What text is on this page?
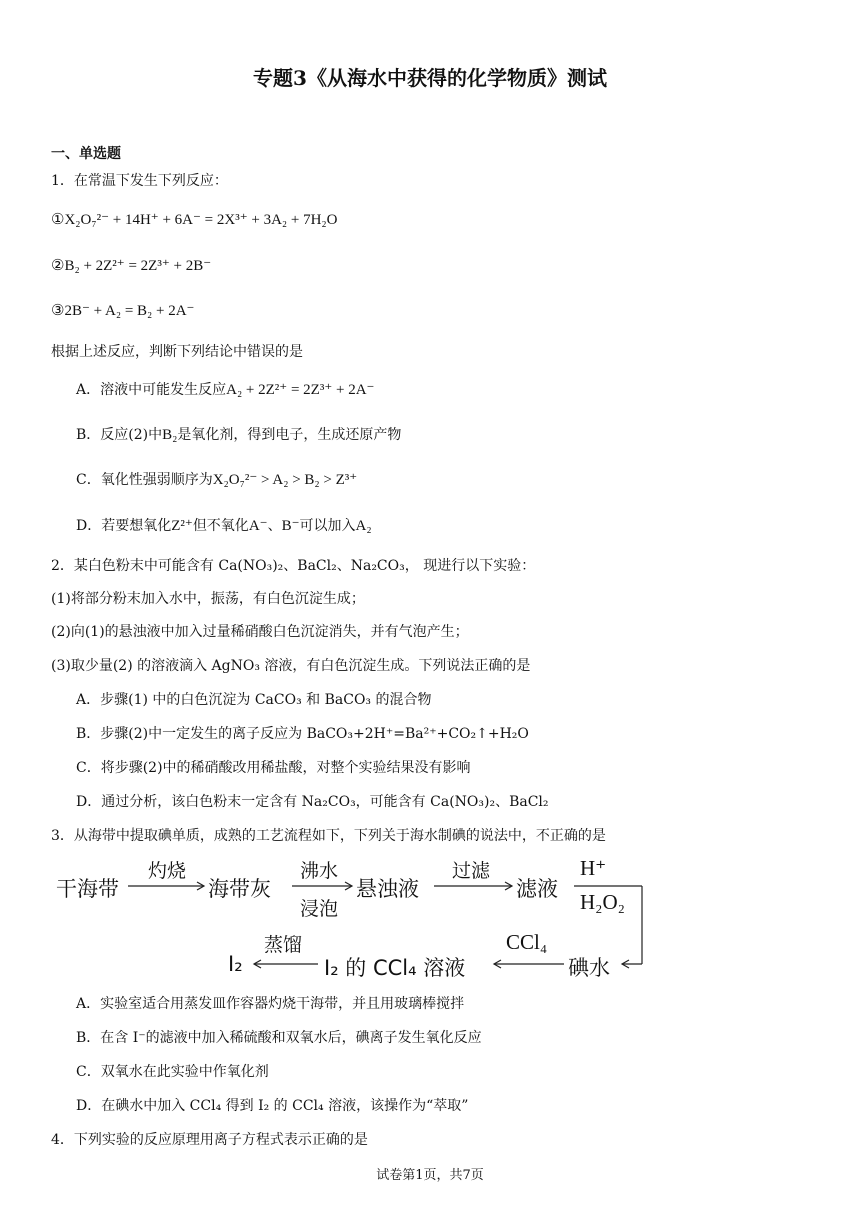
专题3《从海水中获得的化学物质》测试
一、单选题
1．在常温下发生下列反应：
①X₂O₇²⁻ + 14H⁺ + 6A⁻ = 2X³⁺ + 3A₂ + 7H₂O
②B₂ + 2Z²⁺ = 2Z³⁺ + 2B⁻
③2B⁻ + A₂ = B₂ + 2A⁻
根据上述反应，判断下列结论中错误的是
A．溶液中可能发生反应A₂ + 2Z²⁺ = 2Z³⁺ + 2A⁻
B．反应(2)中B₂是氧化剂，得到电子，生成还原产物
C．氧化性强弱顺序为X₂O₇²⁻ > A₂ > B₂ > Z³⁺
D．若要想氧化Z²⁺但不氧化A⁻、B⁻可以加入A₂
2．某白色粉末中可能含有 Ca(NO₃)₂、BaCl₂、Na₂CO₃， 现进行以下实验：
(1)将部分粉末加入水中，振荡，有白色沉淀生成；
(2)向(1)的悬浊液中加入过量稀硝酸白色沉淀消失，并有气泡产生；
(3)取少量(2) 的溶液滴入 AgNO₃ 溶液，有白色沉淀生成。下列说法正确的是
A．步骤(1) 中的白色沉淀为 CaCO₃ 和 BaCO₃ 的混合物
B．步骤(2)中一定发生的离子反应为 BaCO₃+2H⁺=Ba²⁺+CO₂↑+H₂O
C．将步骤(2)中的稀硝酸改用稀盐酸，对整个实验结果没有影响
D．通过分析，该白色粉末一定含有 Na₂CO₃，可能含有 Ca(NO₃)₂、BaCl₂
3．从海带中提取碘单质，成熟的工艺流程如下，下列关于海水制碘的说法中，不正确的是
干海带
灼烧
海带灰
沸水
浸泡
悬浊液
过滤
滤液
H⁺
H₂O₂
碘水
CCl₄
I₂ 的 CCl₄ 溶液
蒸馏
I₂
A．实验室适合用蒸发皿作容器灼烧干海带，并且用玻璃棒搅拌
B．在含 I⁻的滤液中加入稀硫酸和双氧水后，碘离子发生氧化反应
C．双氧水在此实验中作氧化剂
D．在碘水中加入 CCl₄ 得到 I₂ 的 CCl₄ 溶液，该操作为“萃取”
4．下列实验的反应原理用离子方程式表示正确的是
试卷第1页，共7页
